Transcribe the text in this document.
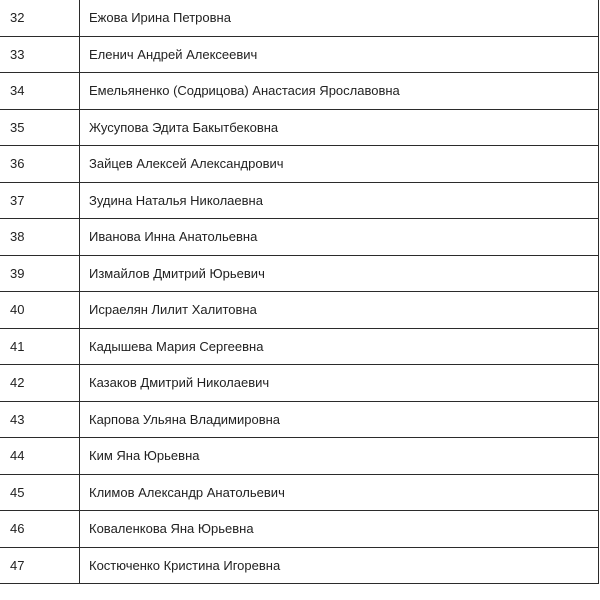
32	Ежова Ирина Петровна
33	Еленич Андрей Алексеевич
34	Емельяненко (Содрицова) Анастасия Ярославовна
35	Жусупова Эдита Бакытбековна
36	Зайцев Алексей Александрович
37	Зудина Наталья Николаевна
38	Иванова Инна Анатольевна
39	Измайлов Дмитрий Юрьевич
40	Исраелян Лилит Халитовна
41	Кадышева Мария Сергеевна
42	Казаков Дмитрий Николаевич
43	Карпова Ульяна Владимировна
44	Ким Яна Юрьевна
45	Климов Александр Анатольевич
46	Коваленкова Яна Юрьевна
47	Костюченко Кристина Игоревна
